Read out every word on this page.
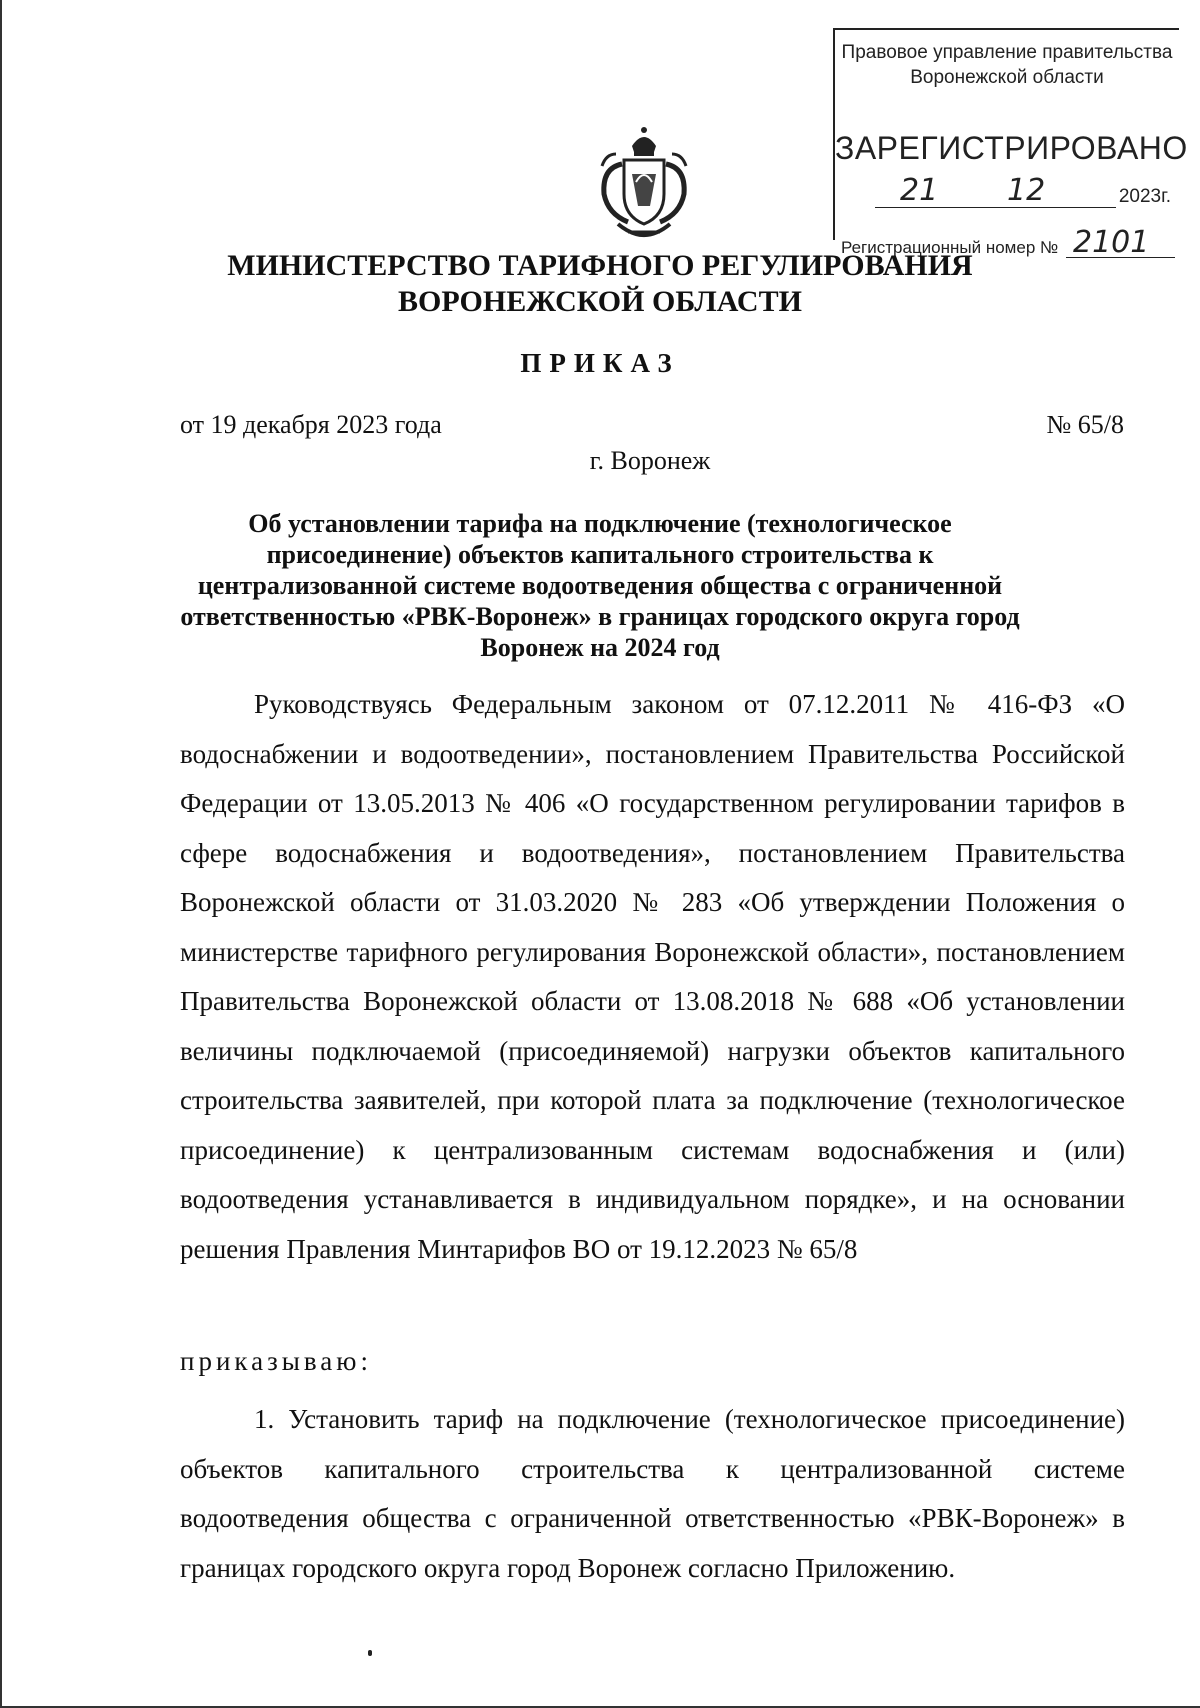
Правовое управление правительства
Воронежской области
ЗАРЕГИСТРИРОВАНО
21 12	2023г.
Регистрационный номер № 2101
МИНИСТЕРСТВО ТАРИФНОГО РЕГУЛИРОВАНИЯ
ВОРОНЕЖСКОЙ ОБЛАСТИ
ПРИКАЗ
от 19 декабря 2023 года	№ 65/8
г. Воронеж
Об установлении тарифа на подключение (технологическое
присоединение) объектов капитального строительства к
централизованной системе водоотведения общества с ограниченной
ответственностью «РВК-Воронеж» в границах городского округа город
Воронеж на 2024 год

Руководствуясь Федеральным законом от 07.12.2011 № 416-ФЗ «О водоснабжении и водоотведении», постановлением Правительства Российской Федерации от 13.05.2013 № 406 «О государственном регулировании тарифов в сфере водоснабжения и водоотведения», постановлением Правительства Воронежской области от 31.03.2020 № 283 «Об утверждении Положения о министерстве тарифного регулирования Воронежской области», постановлением Правительства Воронежской области от 13.08.2018 № 688 «Об установлении величины подключаемой (присоединяемой) нагрузки объектов капитального строительства заявителей, при которой плата за подключение (технологическое присоединение) к централизованным системам водоснабжения и (или) водоотведения устанавливается в индивидуальном порядке», и на основании решения Правления Минтарифов ВО от 19.12.2023 № 65/8

приказываю:

1. Установить тариф на подключение (технологическое присоединение) объектов капитального строительства к централизованной системе водоотведения общества с ограниченной ответственностью «РВК-Воронеж» в границах городского округа город Воронеж согласно Приложению.
